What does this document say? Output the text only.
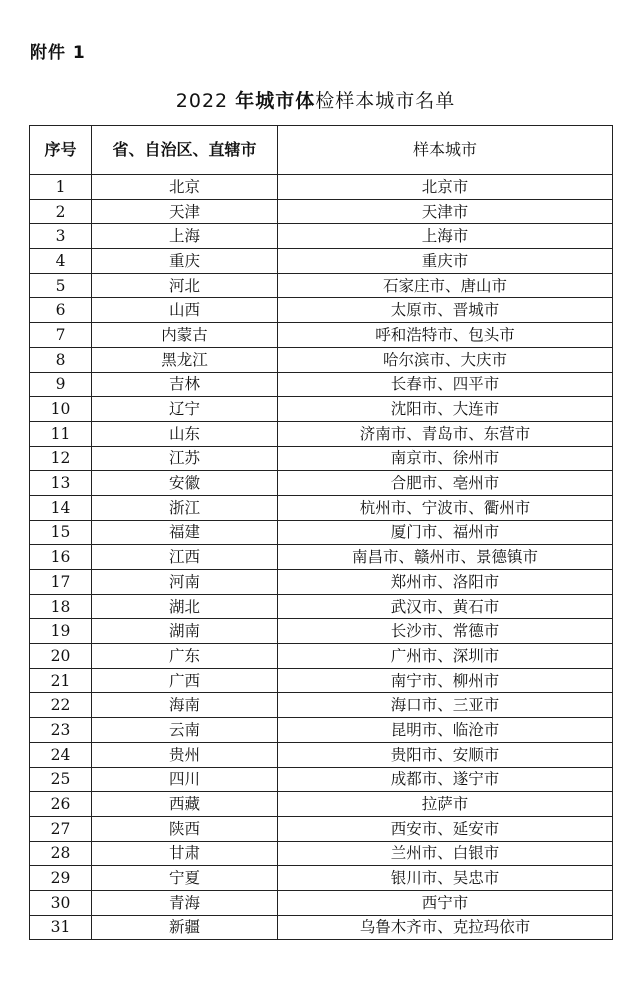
附件 1
2022 年城市体检样本城市名单
序号	省、自治区、直辖市	样本城市
1	北京	北京市
2	天津	天津市
3	上海	上海市
4	重庆	重庆市
5	河北	石家庄市、唐山市
6	山西	太原市、晋城市
7	内蒙古	呼和浩特市、包头市
8	黑龙江	哈尔滨市、大庆市
9	吉林	长春市、四平市
10	辽宁	沈阳市、大连市
11	山东	济南市、青岛市、东营市
12	江苏	南京市、徐州市
13	安徽	合肥市、亳州市
14	浙江	杭州市、宁波市、衢州市
15	福建	厦门市、福州市
16	江西	南昌市、赣州市、景德镇市
17	河南	郑州市、洛阳市
18	湖北	武汉市、黄石市
19	湖南	长沙市、常德市
20	广东	广州市、深圳市
21	广西	南宁市、柳州市
22	海南	海口市、三亚市
23	云南	昆明市、临沧市
24	贵州	贵阳市、安顺市
25	四川	成都市、遂宁市
26	西藏	拉萨市
27	陕西	西安市、延安市
28	甘肃	兰州市、白银市
29	宁夏	银川市、吴忠市
30	青海	西宁市
31	新疆	乌鲁木齐市、克拉玛依市
